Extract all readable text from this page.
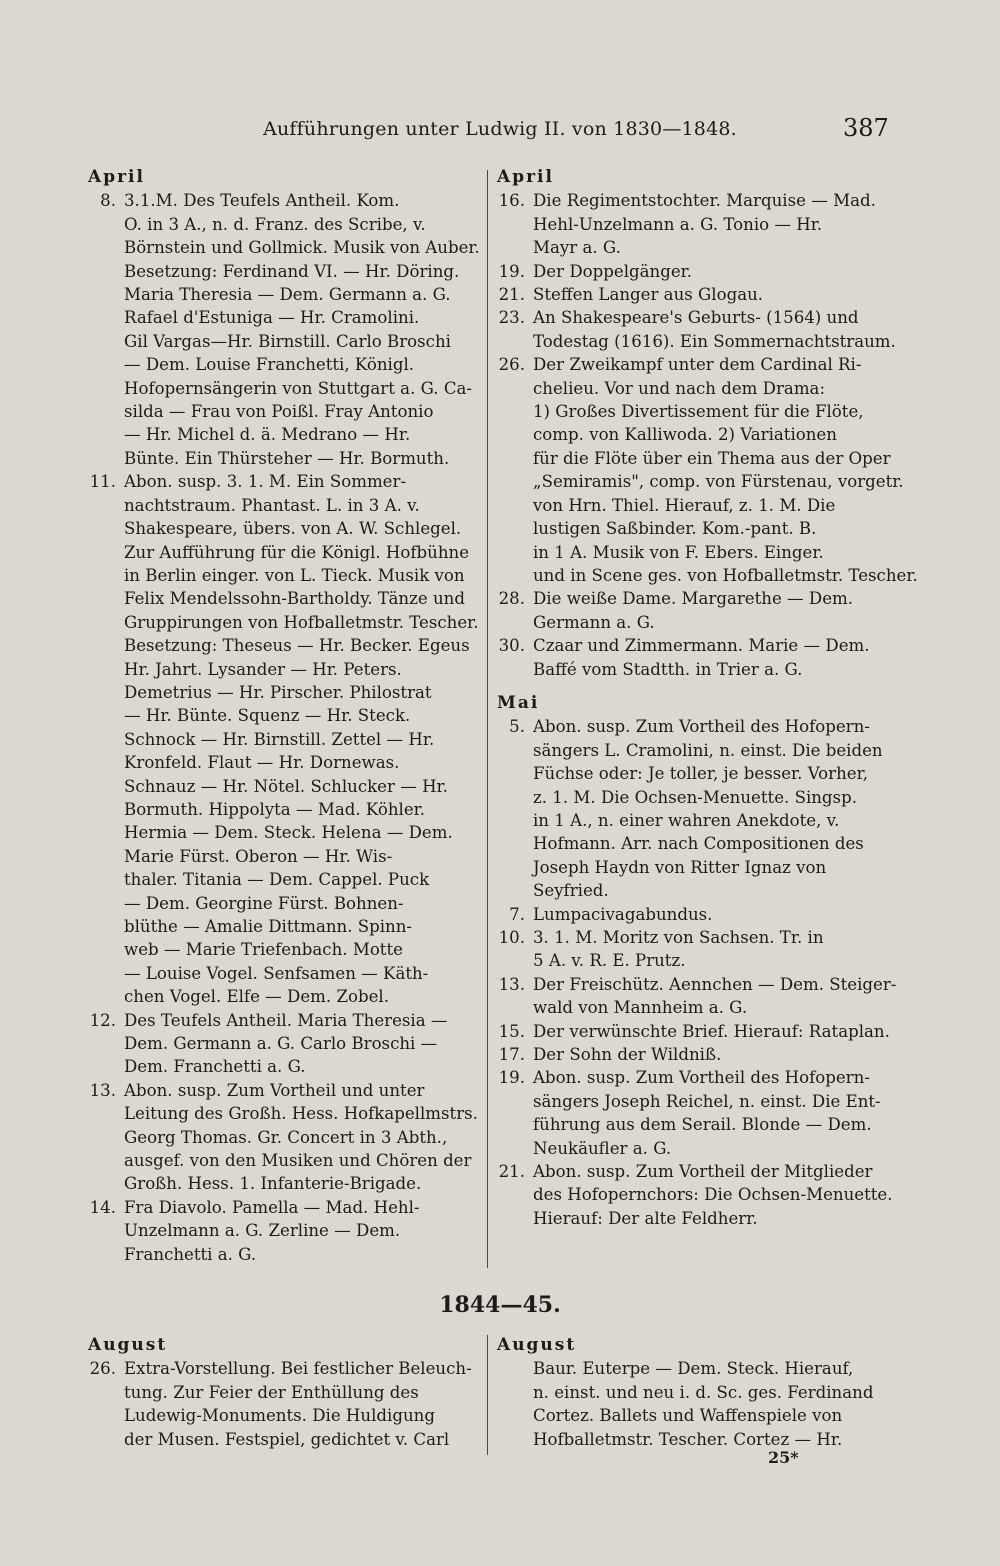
Aufführungen unter Ludwig II. von 1830—1848.	387
April
8. 3.1.M. Des Teufels Antheil. Kom.
O. in 3 A., n. d. Franz. des Scribe, v.
Börnstein und Gollmick. Musik von Auber.
Besetzung: Ferdinand VI. — Hr. Döring.
Maria Theresia — Dem. Germann a. G.
Rafael d'Estuniga — Hr. Cramolini.
Gil Vargas—Hr. Birnstill. Carlo Broschi
— Dem. Louise Franchetti, Königl.
Hofopernsängerin von Stuttgart a. G. Ca-
silda — Frau von Poißl. Fray Antonio
— Hr. Michel d. ä. Medrano — Hr.
Bünte. Ein Thürsteher — Hr. Bormuth.
11. Abon. susp. 3. 1. M. Ein Sommer-
nachtstraum. Phantast. L. in 3 A. v.
Shakespeare, übers. von A. W. Schlegel.
Zur Aufführung für die Königl. Hofbühne
in Berlin einger. von L. Tieck. Musik von
Felix Mendelssohn-Bartholdy. Tänze und
Gruppirungen von Hofballetmstr. Tescher.
Besetzung: Theseus — Hr. Becker. Egeus
Hr. Jahrt. Lysander — Hr. Peters.
Demetrius — Hr. Pirscher. Philostrat
— Hr. Bünte. Squenz — Hr. Steck.
Schnock — Hr. Birnstill. Zettel — Hr.
Kronfeld. Flaut — Hr. Dornewas.
Schnauz — Hr. Nötel. Schlucker — Hr.
Bormuth. Hippolyta — Mad. Köhler.
Hermia — Dem. Steck. Helena — Dem.
Marie Fürst. Oberon — Hr. Wis-
thaler. Titania — Dem. Cappel. Puck
— Dem. Georgine Fürst. Bohnen-
blüthe — Amalie Dittmann. Spinn-
web — Marie Triefenbach. Motte
— Louise Vogel. Senfsamen — Käth-
chen Vogel. Elfe — Dem. Zobel.
12. Des Teufels Antheil. Maria Theresia —
Dem. Germann a. G. Carlo Broschi —
Dem. Franchetti a. G.
13. Abon. susp. Zum Vortheil und unter
Leitung des Großh. Hess. Hofkapellmstrs.
Georg Thomas. Gr. Concert in 3 Abth.,
ausgef. von den Musiken und Chören der
Großh. Hess. 1. Infanterie-Brigade.
14. Fra Diavolo. Pamella — Mad. Hehl-
Unzelmann a. G. Zerline — Dem.
Franchetti a. G.
April
16. Die Regimentstochter. Marquise — Mad.
Hehl-Unzelmann a. G. Tonio — Hr.
Mayr a. G.
19. Der Doppelgänger.
21. Steffen Langer aus Glogau.
23. An Shakespeare's Geburts- (1564) und
Todestag (1616). Ein Sommernachtstraum.
26. Der Zweikampf unter dem Cardinal Ri-
chelieu. Vor und nach dem Drama:
1) Großes Divertissement für die Flöte,
comp. von Kalliwoda. 2) Variationen
für die Flöte über ein Thema aus der Oper
„Semiramis", comp. von Fürstenau, vorgetr.
von Hrn. Thiel. Hierauf, z. 1. M. Die
lustigen Saßbinder. Kom.-pant. B.
in 1 A. Musik von F. Ebers. Einger.
und in Scene ges. von Hofballetmstr. Tescher.
28. Die weiße Dame. Margarethe — Dem.
Germann a. G.
30. Czaar und Zimmermann. Marie — Dem.
Baffé vom Stadtth. in Trier a. G.
Mai
5. Abon. susp. Zum Vortheil des Hofopern-
sängers L. Cramolini, n. einst. Die beiden
Füchse oder: Je toller, je besser. Vorher,
z. 1. M. Die Ochsen-Menuette. Singsp.
in 1 A., n. einer wahren Anekdote, v.
Hofmann. Arr. nach Compositionen des
Joseph Haydn von Ritter Ignaz von
Seyfried.
7. Lumpacivagabundus.
10. 3. 1. M. Moritz von Sachsen. Tr. in
5 A. v. R. E. Prutz.
13. Der Freischütz. Aennchen — Dem. Steiger-
wald von Mannheim a. G.
15. Der verwünschte Brief. Hierauf: Rataplan.
17. Der Sohn der Wildniß.
19. Abon. susp. Zum Vortheil des Hofopern-
sängers Joseph Reichel, n. einst. Die Ent-
führung aus dem Serail. Blonde — Dem.
Neukäufler a. G.
21. Abon. susp. Zum Vortheil der Mitglieder
des Hofopernchors: Die Ochsen-Menuette.
Hierauf: Der alte Feldherr.
1844—45.
August
26. Extra-Vorstellung. Bei festlicher Beleuch-
tung. Zur Feier der Enthüllung des
Ludewig-Monuments. Die Huldigung
der Musen. Festspiel, gedichtet v. Carl
August
Baur. Euterpe — Dem. Steck. Hierauf,
n. einst. und neu i. d. Sc. ges. Ferdinand
Cortez. Ballets und Waffenspiele von
Hofballetmstr. Tescher. Cortez — Hr.
25*
